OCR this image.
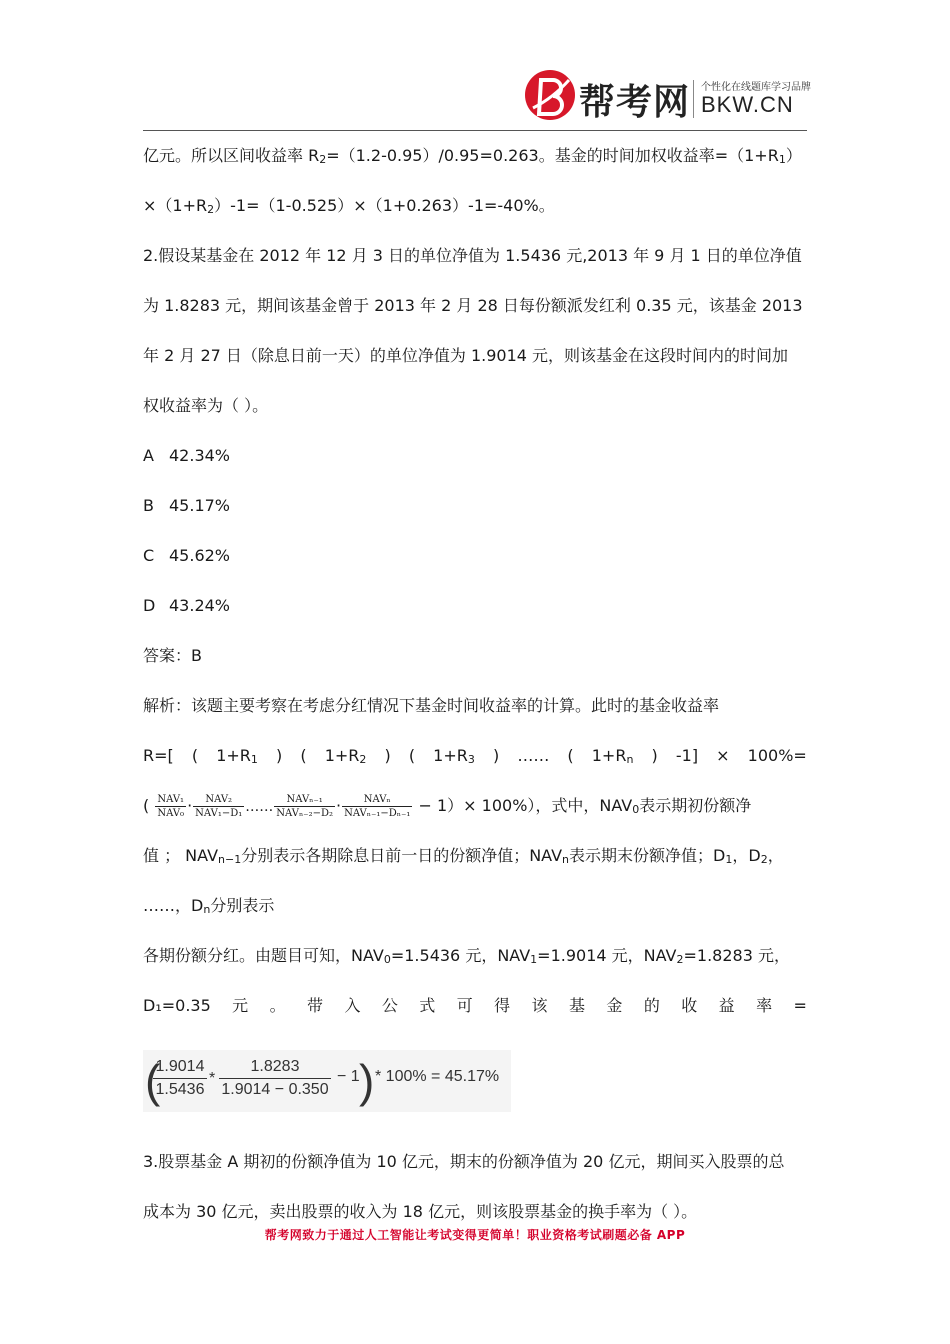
帮考网 个性化在线题库学习品牌
BKW.CN
亿元。所以区间收益率 $R_2=(1.2-0.95)/0.95=0.263$。基金的时间加权收益率$=(1+R_1)$
$\times(1+R_2)-1=(1-0.525)\times(1+0.263)-1=-40\%$。
2.假设某基金在 2012 年 12 月 3 日的单位净值为 1.5436 元,2013 年 9 月 1 日的单位净值
为 1.8283 元，期间该基金曾于 2013 年 2 月 28 日每份额派发红利 0.35 元，该基金 2013
年 2 月 27 日（除息日前一天）的单位净值为 1.9014 元，则该基金在这段时间内的时间加
权收益率为（ ）。
A 42.34%
B 45.17%
C 45.62%
D 43.24%
答案：B
解析：该题主要考察在考虑分红情况下基金时间收益率的计算。此时的基金收益率
R=[ ( $1+R_1$ ) ( $1+R_2$ ) ( $1+R_3$ ) …… ( $1+R_n$ ) -1] × 100%=
( $\frac{\text{NAV₁}}{\text{NAV₀}} \cdot \frac{\text{NAV₂}}{\text{NAV₁−D₁}}$ …… $\frac{\text{NAVₙ₋₁}}{\text{NAVₙ₋₂−D₂}} \cdot \frac{\text{NAVₙ}}{\text{NAVₙ₋₁−Dₙ₋₁}} - 1)\times 100\%$），式中，$NAV_0$表示期初份额净
值 ； $NAV_{n-1}$分别表示各期除息日前一日的份额净值；$NAV_n$表示期末份额净值；$D_1$，$D_2$，
……，$D_n$分别表示
各期份额分红。由题目可知，$NAV_0=1.5436$ 元，$NAV_1=1.9014$ 元，$NAV_2=1.8283$ 元，
D₁=0.35 元 。 带 入 公 式 可 得 该 基 金 的 收 益 率 =
(
1.9014
1.5436
*
1.8283
1.9014 − 0.350
− 1 ) * 100% = 45.17%
3.股票基金 A 期初的份额净值为 10 亿元，期末的份额净值为 20 亿元，期间买入股票的总
成本为 30 亿元，卖出股票的收入为 18 亿元，则该股票基金的换手率为（ ）。
帮考网致力于通过人工智能让考试变得更简单！职业资格考试刷题必备 APP
